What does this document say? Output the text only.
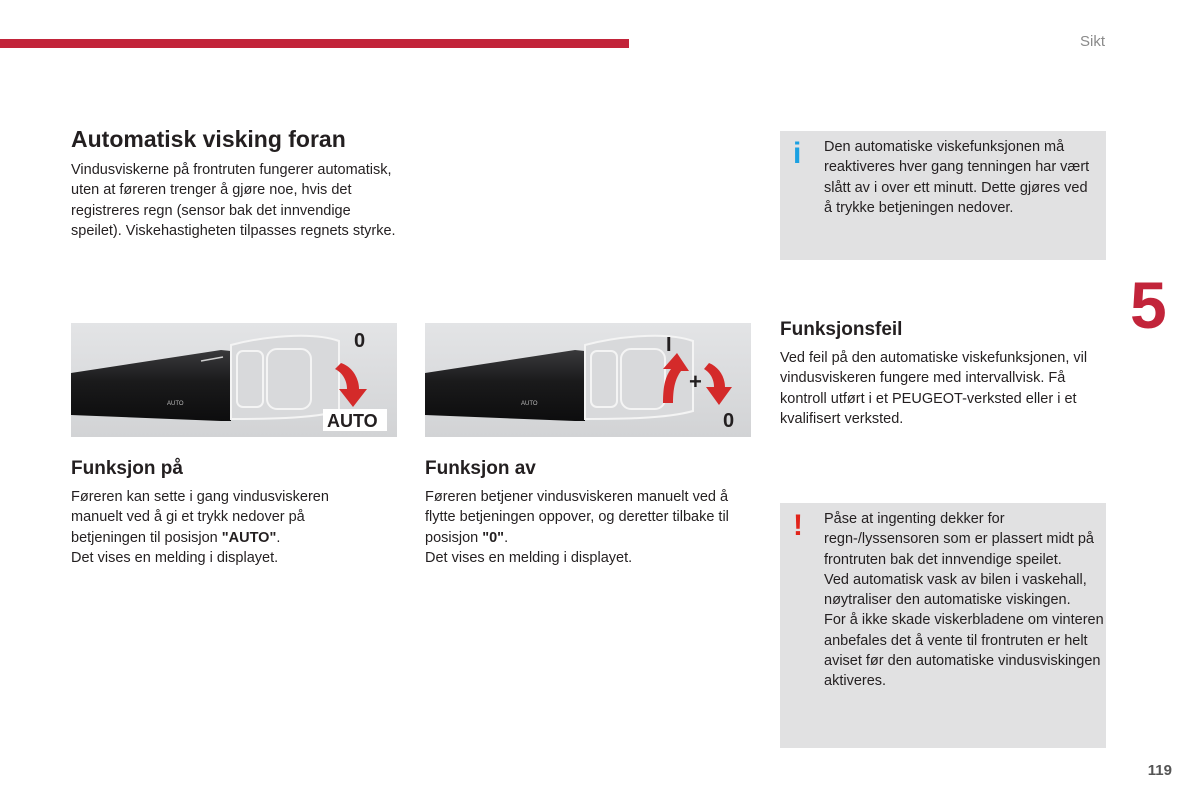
Sikt
5
119
Automatisk visking foran

Vindusviskerne på frontruten fungerer automatisk, uten at føreren trenger å gjøre noe, hvis det registreres regn (sensor bak det innvendige speilet). Viskehastigheten tilpasses regnets styrke.

AUTO
0
AUTO
AUTO
I
+
0
Funksjon på

Føreren kan sette i gang vindusviskeren manuelt ved å gi et trykk nedover på betjeningen til posisjon "AUTO".
Det vises en melding i displayet.

Funksjon av

Føreren betjener vindusviskeren manuelt ved å flytte betjeningen oppover, og deretter tilbake til posisjon "0".
Det vises en melding i displayet.

Funksjonsfeil

Ved feil på den automatiske viskefunksjonen, vil vindusviskeren fungere med intervallvisk. Få kontroll utført i et PEUGEOT-verksted eller i et kvalifisert verksted.

i Den automatiske viskefunksjonen må reaktiveres hver gang tenningen har vært slått av i over ett minutt. Dette gjøres ved å trykke betjeningen nedover.

! Påse at ingenting dekker for regn-/lyssensoren som er plassert midt på frontruten bak det innvendige speilet.

Ved automatisk vask av bilen i vaskehall, nøytraliser den automatiske viskingen.

For å ikke skade viskerbladene om vinteren anbefales det å vente til frontruten er helt aviset før den automatiske vindusviskingen aktiveres.
